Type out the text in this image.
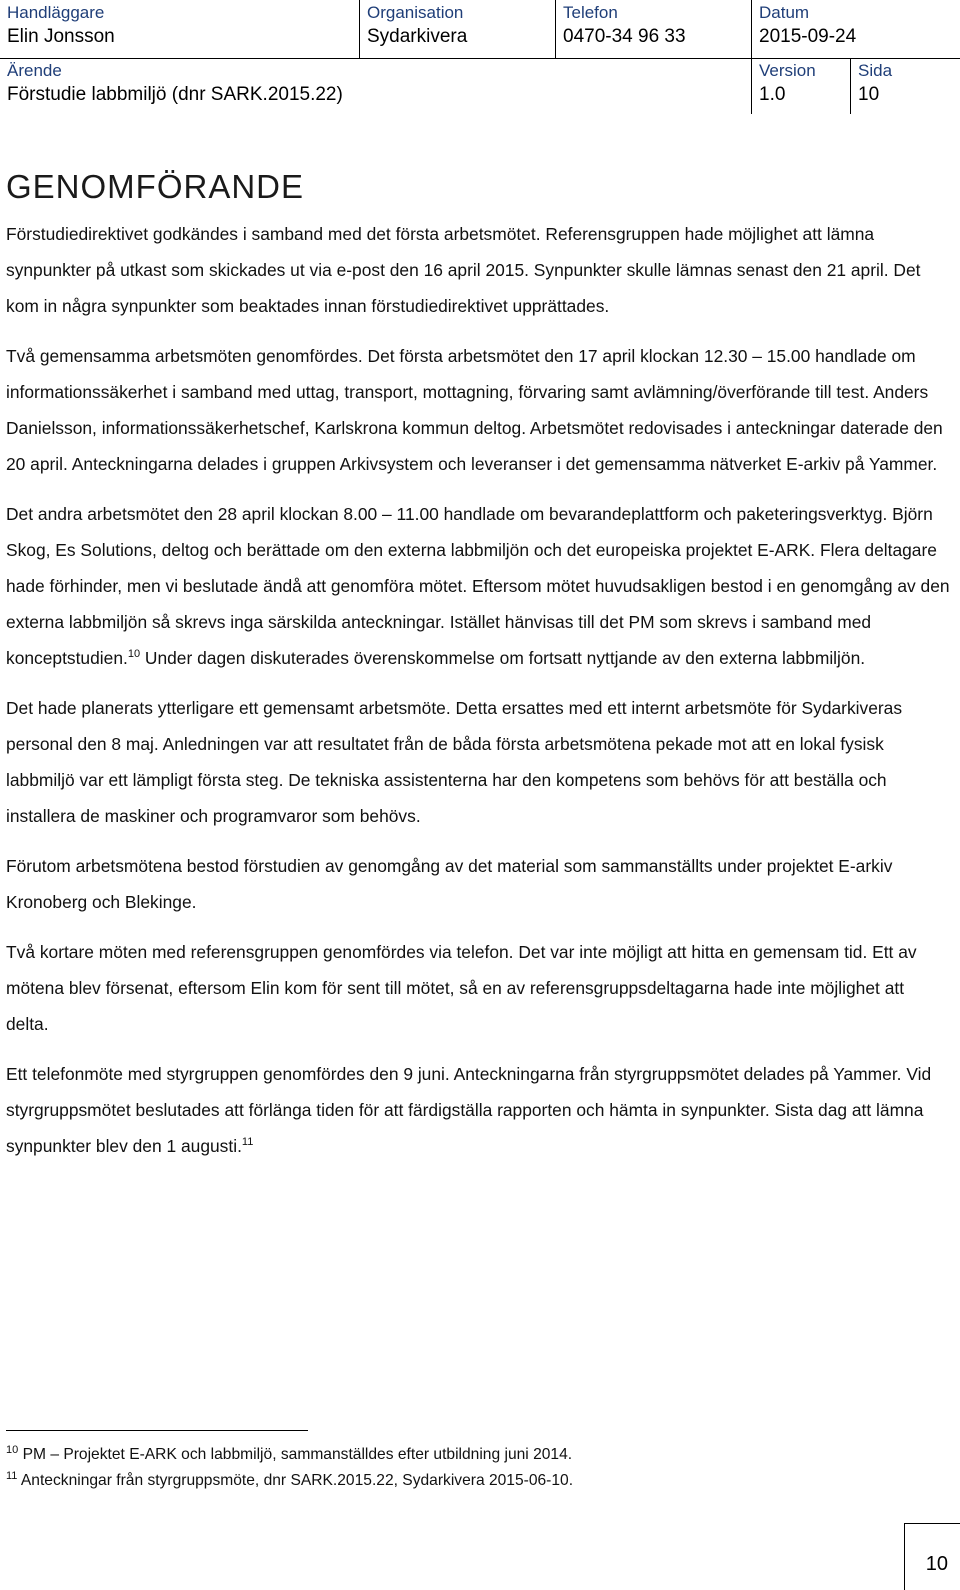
Handläggare
Elin Jonsson
Organisation
Sydarkivera
Telefon
0470-34 96 33
Datum
2015-09-24
Ärende
Förstudie labbmiljö (dnr SARK.2015.22)
Version
1.0
Sida
10
GENOMFÖRANDE

Förstudiedirektivet godkändes i samband med det första arbetsmötet. Referensgruppen hade möjlighet att lämna synpunkter på utkast som skickades ut via e-post den 16 april 2015. Synpunkter skulle lämnas senast den 21 april. Det kom in några synpunkter som beaktades innan förstudiedirektivet upprättades.

Två gemensamma arbetsmöten genomfördes. Det första arbetsmötet den 17 april klockan 12.30 – 15.00 handlade om informationssäkerhet i samband med uttag, transport, mottagning, förvaring samt avlämning/överförande till test. Anders Danielsson, informationssäkerhetschef, Karlskrona kommun deltog. Arbetsmötet redovisades i anteckningar daterade den 20 april. Anteckningarna delades i gruppen Arkivsystem och leveranser i det gemensamma nätverket E-arkiv på Yammer.

Det andra arbetsmötet den 28 april klockan 8.00 – 11.00 handlade om bevarandeplattform och paketeringsverktyg. Björn Skog, Es Solutions, deltog och berättade om den externa labbmiljön och det europeiska projektet E-ARK. Flera deltagare hade förhinder, men vi beslutade ändå att genomföra mötet. Eftersom mötet huvudsakligen bestod i en genomgång av den externa labbmiljön så skrevs inga särskilda anteckningar. Istället hänvisas till det PM som skrevs i samband med konceptstudien.$^{10}$ Under dagen diskuterades överenskommelse om fortsatt nyttjande av den externa labbmiljön.

Det hade planerats ytterligare ett gemensamt arbetsmöte. Detta ersattes med ett internt arbetsmöte för Sydarkiveras personal den 8 maj. Anledningen var att resultatet från de båda första arbetsmötena pekade mot att en lokal fysisk labbmiljö var ett lämpligt första steg. De tekniska assistenterna har den kompetens som behövs för att beställa och installera de maskiner och programvaror som behövs.

Förutom arbetsmötena bestod förstudien av genomgång av det material som sammanställts under projektet E-arkiv Kronoberg och Blekinge.

Två kortare möten med referensgruppen genomfördes via telefon. Det var inte möjligt att hitta en gemensam tid. Ett av mötena blev försenat, eftersom Elin kom för sent till mötet, så en av referensgruppsdeltagarna hade inte möjlighet att delta.

Ett telefonmöte med styrgruppen genomfördes den 9 juni. Anteckningarna från styrgruppsmötet delades på Yammer. Vid styrgruppsmötet beslutades att förlänga tiden för att färdigställa rapporten och hämta in synpunkter. Sista dag att lämna synpunkter blev den 1 augusti.$^{11}$

$^{10}$ PM – Projektet E-ARK och labbmiljö, sammanställdes efter utbildning juni 2014.
$^{11}$ Anteckningar från styrgruppsmöte, dnr SARK.2015.22, Sydarkivera 2015-06-10.
10
